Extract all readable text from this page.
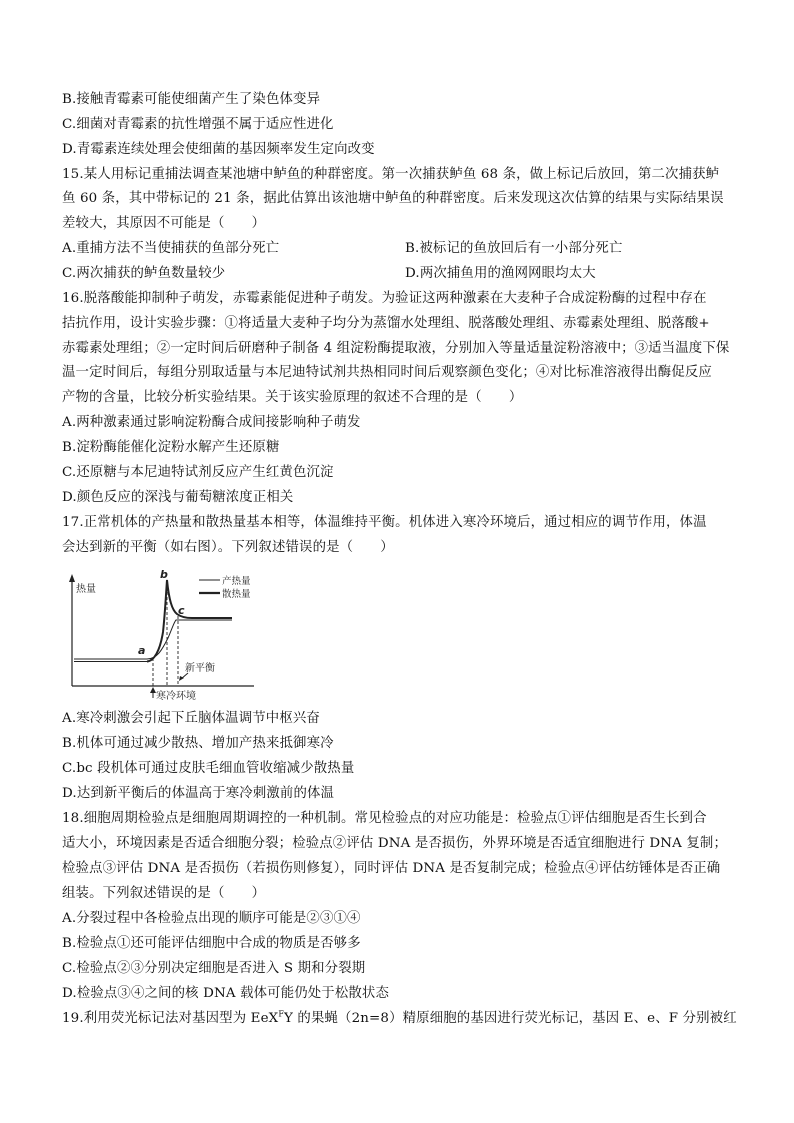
B.接触青霉素可能使细菌产生了染色体变异
C.细菌对青霉素的抗性增强不属于适应性进化
D.青霉素连续处理会使细菌的基因频率发生定向改变
15.某人用标记重捕法调查某池塘中鲈鱼的种群密度。第一次捕获鲈鱼 68 条，做上标记后放回，第二次捕获鲈
鱼 60 条，其中带标记的 21 条，据此估算出该池塘中鲈鱼的种群密度。后来发现这次估算的结果与实际结果误
差较大，其原因不可能是（　　）
A.重捕方法不当使捕获的鱼部分死亡	B.被标记的鱼放回后有一小部分死亡
C.两次捕获的鲈鱼数量较少	D.两次捕鱼用的渔网网眼均太大
16.脱落酸能抑制种子萌发，赤霉素能促进种子萌发。为验证这两种激素在大麦种子合成淀粉酶的过程中存在
拮抗作用，设计实验步骤：①将适量大麦种子均分为蒸馏水处理组、脱落酸处理组、赤霉素处理组、脱落酸+
赤霉素处理组；②一定时间后研磨种子制备 4 组淀粉酶提取液，分别加入等量适量淀粉溶液中；③适当温度下保
温一定时间后，每组分别取适量与本尼迪特试剂共热相同时间后观察颜色变化；④对比标准溶液得出酶促反应
产物的含量，比较分析实验结果。关于该实验原理的叙述不合理的是（　　）
A.两种激素通过影响淀粉酶合成间接影响种子萌发
B.淀粉酶能催化淀粉水解产生还原糖
C.还原糖与本尼迪特试剂反应产生红黄色沉淀
D.颜色反应的深浅与葡萄糖浓度正相关
17.正常机体的产热量和散热量基本相等，体温维持平衡。机体进入寒冷环境后，通过相应的调节作用，体温
会达到新的平衡（如右图）。下列叙述错误的是（　　）
热量
产热量
散热量
a
b
c
新平衡
寒冷环境
A.寒冷刺激会引起下丘脑体温调节中枢兴奋
B.机体可通过减少散热、增加产热来抵御寒冷
C.bc 段机体可通过皮肤毛细血管收缩减少散热量
D.达到新平衡后的体温高于寒冷刺激前的体温
18.细胞周期检验点是细胞周期调控的一种机制。常见检验点的对应功能是：检验点①评估细胞是否生长到合
适大小，环境因素是否适合细胞分裂；检验点②评估 DNA 是否损伤，外界环境是否适宜细胞进行 DNA 复制；
检验点③评估 DNA 是否损伤（若损伤则修复），同时评估 DNA 是否复制完成；检验点④评估纺锤体是否正确
组装。下列叙述错误的是（　　）
A.分裂过程中各检验点出现的顺序可能是②③①④
B.检验点①还可能评估细胞中合成的物质是否够多
C.检验点②③分别决定细胞是否进入 S 期和分裂期
D.检验点③④之间的核 DNA 载体可能仍处于松散状态
19.利用荧光标记法对基因型为 EeX$^F$Y 的果蝇（2n=8）精原细胞的基因进行荧光标记，基因 E、e、F 分别被红
